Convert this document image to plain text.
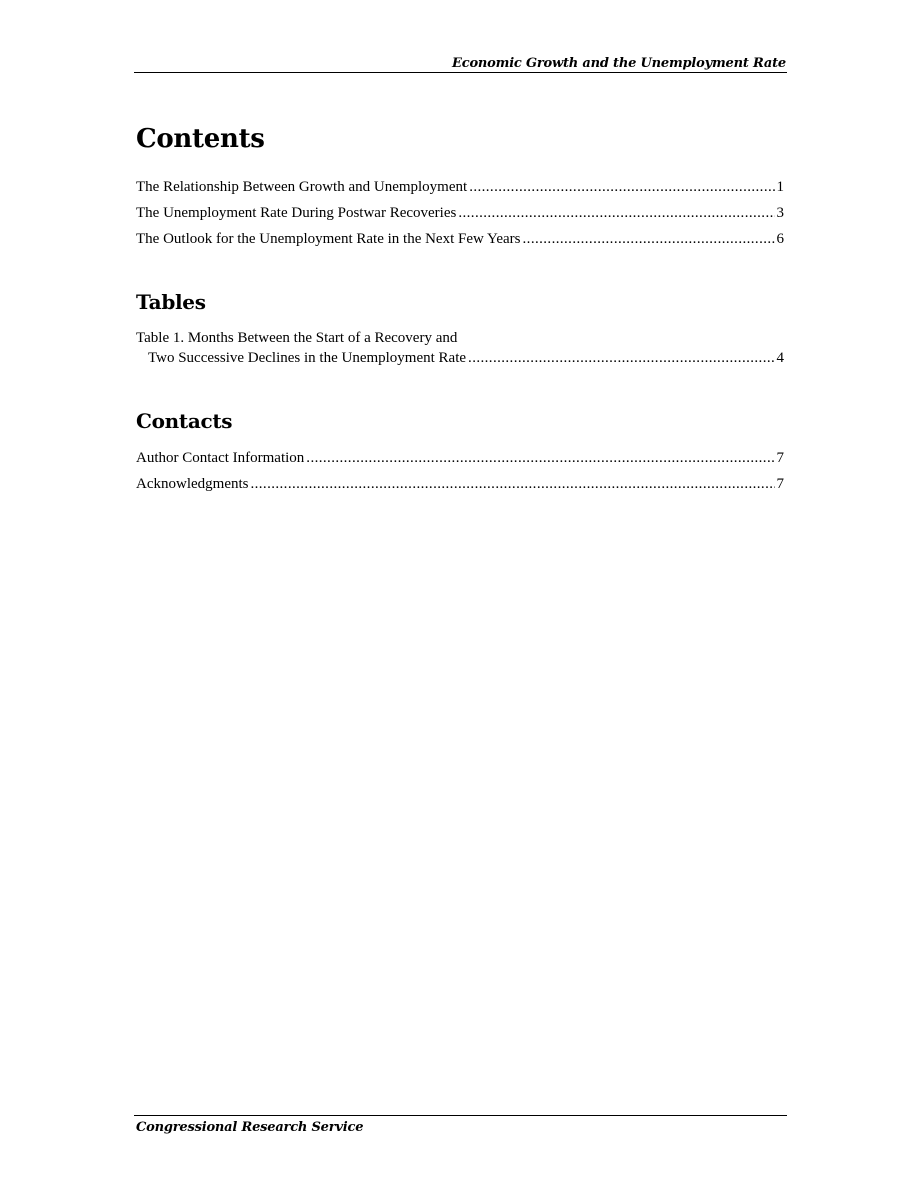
Economic Growth and the Unemployment Rate
Contents
The Relationship Between Growth and Unemployment .....	1
The Unemployment Rate During Postwar Recoveries .....	3
The Outlook for the Unemployment Rate in the Next Few Years .....	6
Tables
Table 1. Months Between the Start of a Recovery and
Two Successive Declines in the Unemployment Rate .....	4
Contacts
Author Contact Information .....	7
Acknowledgments .....	7
Congressional Research Service
